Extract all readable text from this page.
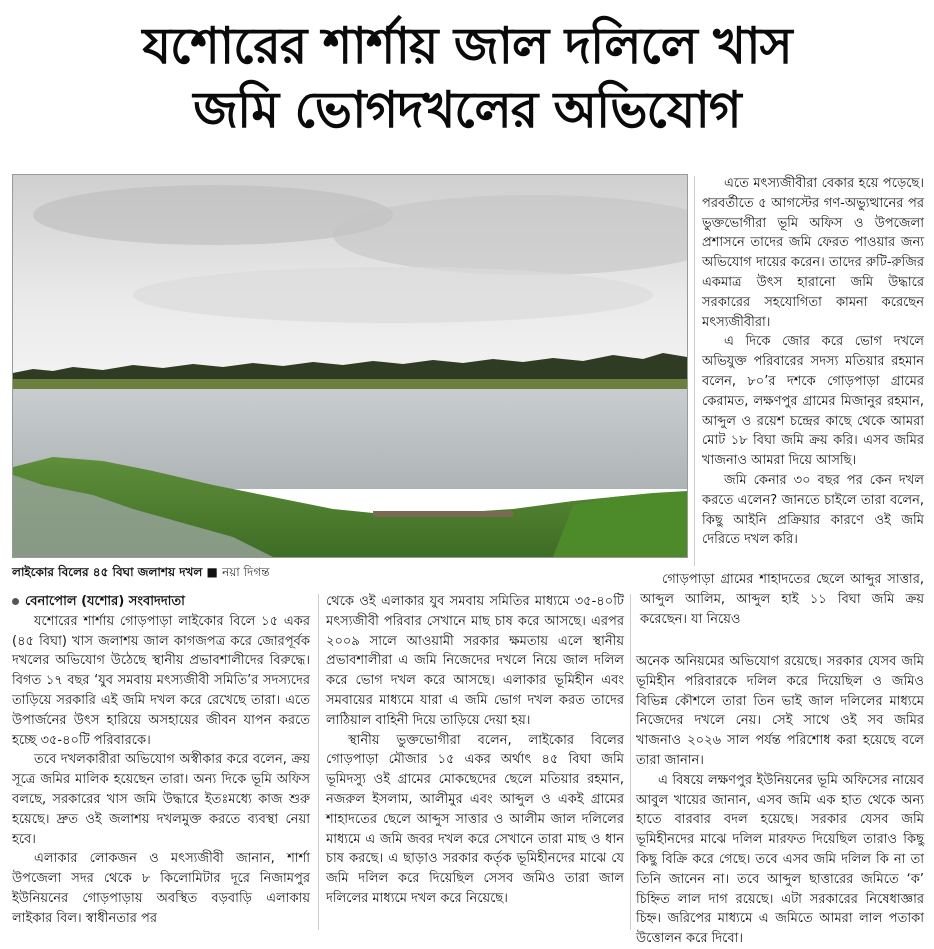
যশোরের শার্শায় জাল দলিলে খাস
জমি ভোগদখলের অভিযোগ
লাইকোর বিলের ৪৫ বিঘা জলাশয় দখল ■ নয়া দিগন্ত

এতে মৎস্যজীবীরা বেকার হয়ে পড়েছে। পরবর্তীতে ৫ আগস্টের গণ-অভ্যুত্থানের পর ভুক্তভোগীরা ভূমি অফিস ও উপজেলা প্রশাসনে তাদের জমি ফেরত পাওয়ার জন্য অভিযোগ দায়ের করেন। তাদের রুটি-রুজির একমাত্র উৎস হারানো জমি উদ্ধারে সরকারের সহযোগিতা কামনা করেছেন মৎস্যজীবীরা।

এ দিকে জোর করে ভোগ দখলে অভিযুক্ত পরিবারের সদস্য মতিয়ার রহমান বলেন, ৮০’র দশকে গোড়পাড়া গ্রামের কেরামত, লক্ষণপুর গ্রামের মিজানুর রহমান, আব্দুল ও রয়েশ চন্দ্রের কাছে থেকে আমরা মোট ১৮ বিঘা জমি ক্রয় করি। এসব জমির খাজনাও আমরা দিয়ে আসছি।

জমি কেনার ৩০ বছর পর কেন দখল করতে এলেন? জানতে চাইলে তারা বলেন, কিছু আইনি প্রক্রিয়ার কারণে ওই জমি দেরিতে দখল করি।

বেনাপোল (যশোর) সংবাদদাতা

যশোরের শার্শায় গোড়পাড়া লাইকোর বিলে ১৫ একর (৪৫ বিঘা) খাস জলাশয় জাল কাগজপত্র করে জোরপূর্বক দখলের অভিযোগ উঠেছে স্থানীয় প্রভাবশালীদের বিরুদ্ধে। বিগত ১৭ বছর ‘যুব সমবায় মৎস্যজীবী সমিতি’র সদস্যদের তাড়িয়ে সরকারি এই জমি দখল করে রেখেছে তারা। এতে উপার্জনের উৎস হারিয়ে অসহায়ের জীবন যাপন করতে হচ্ছে ৩৫-৪০টি পরিবারকে।

তবে দখলকারীরা অভিযোগ অস্বীকার করে বলেন, ক্রয় সূত্রে জমির মালিক হয়েছেন তারা। অন্য দিকে ভূমি অফিস বলছে, সরকারের খাস জমি উদ্ধারে ইতঃমধ্যে কাজ শুরু হয়েছে। দ্রুত ওই জলাশয় দখলমুক্ত করতে ব্যবস্থা নেয়া হবে।

এলাকার লোকজন ও মৎস্যজীবী জানান, শার্শা উপজেলা সদর থেকে ৮ কিলোমিটার দূরে নিজামপুর ইউনিয়নের গোড়পাড়ায় অবস্থিত বড়বাড়ি এলাকায় লাইকার বিল। স্বাধীনতার পর

থেকে ওই এলাকার যুব সমবায় সমিতির মাধ্যমে ৩৫-৪০টি মৎস্যজীবী পরিবার সেখানে মাছ চাষ করে আসছে। এরপর ২০০৯ সালে আওয়ামী সরকার ক্ষমতায় এলে স্থানীয় প্রভাবশালীরা এ জমি নিজেদের দখলে নিয়ে জাল দলিল করে ভোগ দখল করে আসছে। এলাকার ভূমিহীন এবং সমবায়ের মাধ্যমে যারা এ জমি ভোগ দখল করত তাদের লাঠিয়াল বাহিনী দিয়ে তাড়িয়ে দেয়া হয়।

স্থানীয় ভুক্তভোগীরা বলেন, লাইকোর বিলের গোড়পাড়া মৌজার ১৫ একর অর্থাৎ ৪৫ বিঘা জমি ভূমিদস্যু ওই গ্রামের মোকছেদের ছেলে মতিয়ার রহমান, নজরুল ইসলাম, আলীমুর এবং আব্দুল ও একই গ্রামের শাহাদতের ছেলে আব্দুস সাত্তার ও আলীম জাল দলিলের মাধ্যমে এ জমি জবর দখল করে সেখানে তারা মাছ ও ধান চাষ করছে। এ ছাড়াও সরকার কর্তৃক ভূমিহীনদের মাঝে যে জমি দলিল করে দিয়েছিল সেসব জমিও তারা জাল দলিলের মাধ্যমে দখল করে নিয়েছে।

গোড়পাড়া গ্রামের শাহাদতের ছেলে আব্দুর সাত্তার, আব্দুল আলিম, আব্দুল হাই ১১ বিঘা জমি ক্রয় করেছেন। যা নিয়েও

অনেক অনিয়মের অভিযোগ রয়েছে। সরকার যেসব জমি ভূমিহীন পরিবারকে দলিল করে দিয়েছিল ও জমিও বিভিন্ন কৌশলে তারা তিন ভাই জাল দলিলের মাধ্যমে নিজেদের দখলে নেয়। সেই সাথে ওই সব জমির খাজনাও ২০২৬ সাল পর্যন্ত পরিশোধ করা হয়েছে বলে তারা জানান।

এ বিষয়ে লক্ষণপুর ইউনিয়নের ভূমি অফিসের নায়েব আবুল খায়ের জানান, এসব জমি এক হাত থেকে অন্য হাতে বারবার বদল হয়েছে। সরকার যেসব জমি ভূমিহীনদের মাঝে দলিল মারফত দিয়েছিল তারাও কিছু কিছু বিক্রি করে গেছে। তবে এসব জমি দলিল কি না তা তিনি জানেন না। তবে আব্দুল ছাত্তারের জমিতে ‘ক’ চিহ্নিত লাল দাগ রয়েছে। এটা সরকারের নিষেধাজ্ঞার চিহ্ন। জরিপের মাধ্যমে এ জমিতে আমরা লাল পতাকা উত্তোলন করে দিবো।
